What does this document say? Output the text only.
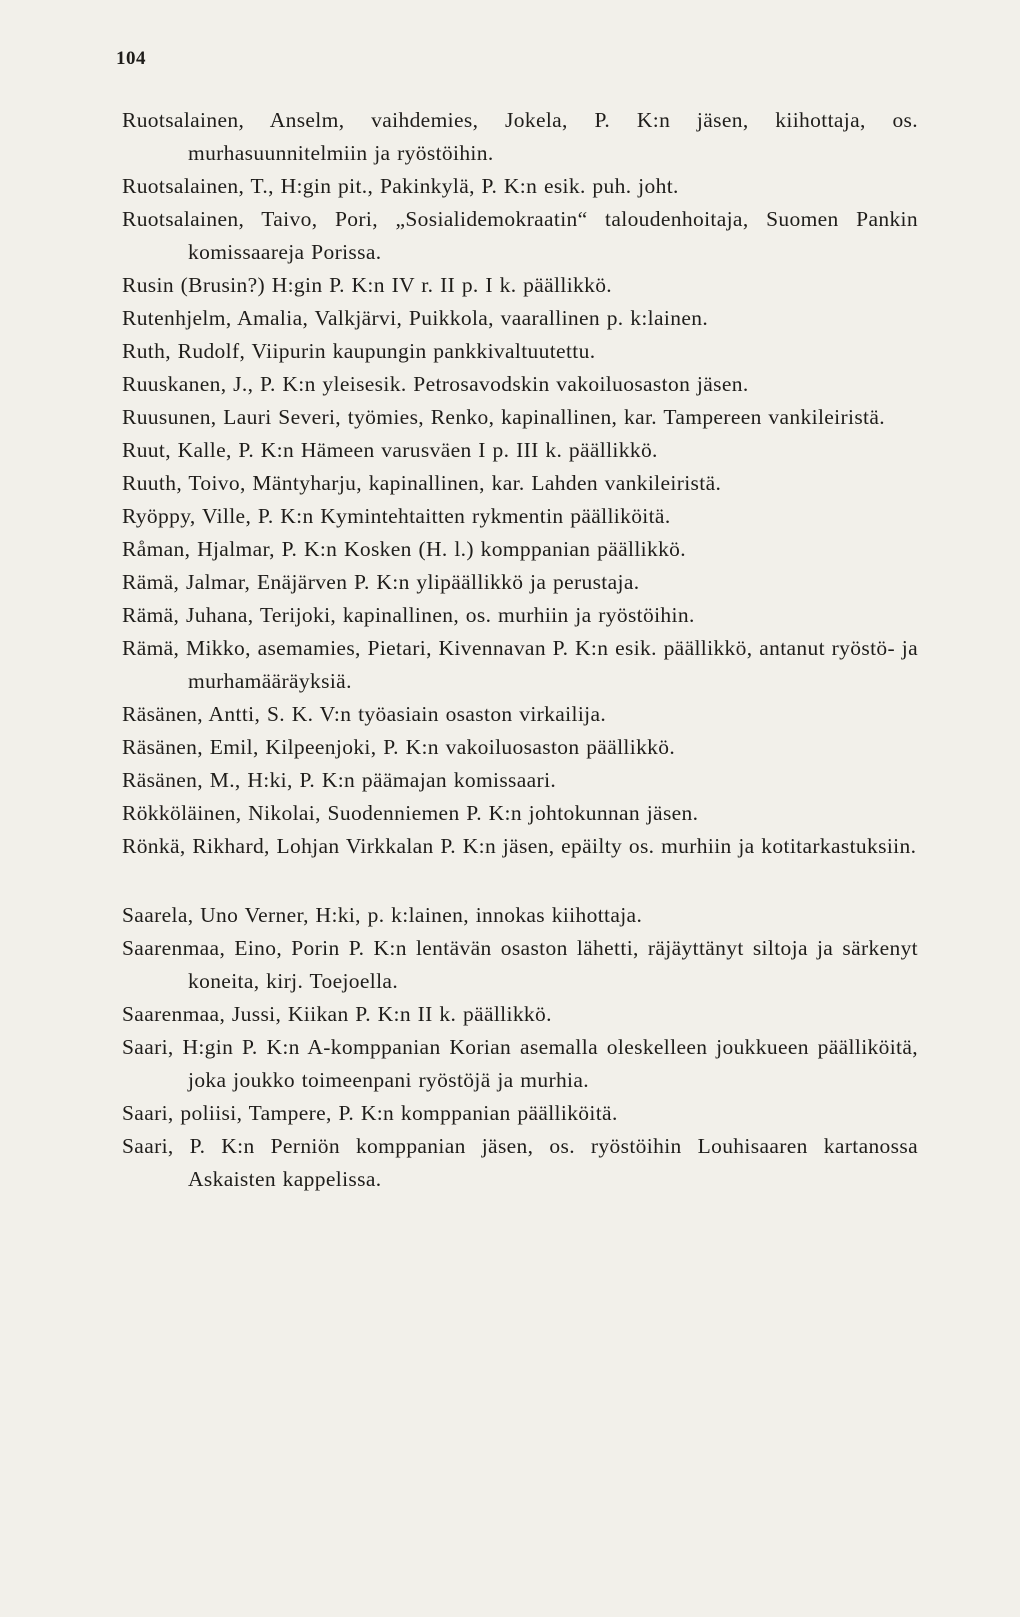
104

Ruotsalainen, Anselm, vaihdemies, Jokela, P. K:n jäsen, kiihottaja, os. murhasuunnitelmiin ja ryöstöihin.

Ruotsalainen, T., H:gin pit., Pakinkylä, P. K:n esik. puh. joht.

Ruotsalainen, Taivo, Pori, „Sosialidemokraatin“ taloudenhoitaja, Suomen Pankin komissaareja Porissa.

Rusin (Brusin?) H:gin P. K:n IV r. II p. I k. päällikkö.

Rutenhjelm, Amalia, Valkjärvi, Puikkola, vaarallinen p. k:lainen.

Ruth, Rudolf, Viipurin kaupungin pankkivaltuutettu.

Ruuskanen, J., P. K:n yleisesik. Petrosavodskin vakoiluosaston jäsen.

Ruusunen, Lauri Severi, työmies, Renko, kapinallinen, kar. Tampereen vankileiristä.

Ruut, Kalle, P. K:n Hämeen varusväen I p. III k. päällikkö.

Ruuth, Toivo, Mäntyharju, kapinallinen, kar. Lahden vankileiristä.

Ryöppy, Ville, P. K:n Kymintehtaitten rykmentin päälliköitä.

Råman, Hjalmar, P. K:n Kosken (H. l.) komppanian päällikkö.

Rämä, Jalmar, Enäjärven P. K:n ylipäällikkö ja perustaja.

Rämä, Juhana, Terijoki, kapinallinen, os. murhiin ja ryöstöihin.

Rämä, Mikko, asemamies, Pietari, Kivennavan P. K:n esik. päällikkö, antanut ryöstö- ja murhamääräyksiä.

Räsänen, Antti, S. K. V:n työasiain osaston virkailija.

Räsänen, Emil, Kilpeenjoki, P. K:n vakoiluosaston päällikkö.

Räsänen, M., H:ki, P. K:n päämajan komissaari.

Rökköläinen, Nikolai, Suodenniemen P. K:n johtokunnan jäsen.

Rönkä, Rikhard, Lohjan Virkkalan P. K:n jäsen, epäilty os. murhiin ja kotitarkastuksiin.

Saarela, Uno Verner, H:ki, p. k:lainen, innokas kiihottaja.

Saarenmaa, Eino, Porin P. K:n lentävän osaston lähetti, räjäyttänyt siltoja ja särkenyt koneita, kirj. Toejoella.

Saarenmaa, Jussi, Kiikan P. K:n II k. päällikkö.

Saari, H:gin P. K:n A-komppanian Korian asemalla oleskelleen joukkueen päälliköitä, joka joukko toimeenpani ryöstöjä ja murhia.

Saari, poliisi, Tampere, P. K:n komppanian päälliköitä.

Saari, P. K:n Perniön komppanian jäsen, os. ryöstöihin Louhisaaren kartanossa Askaisten kappelissa.
